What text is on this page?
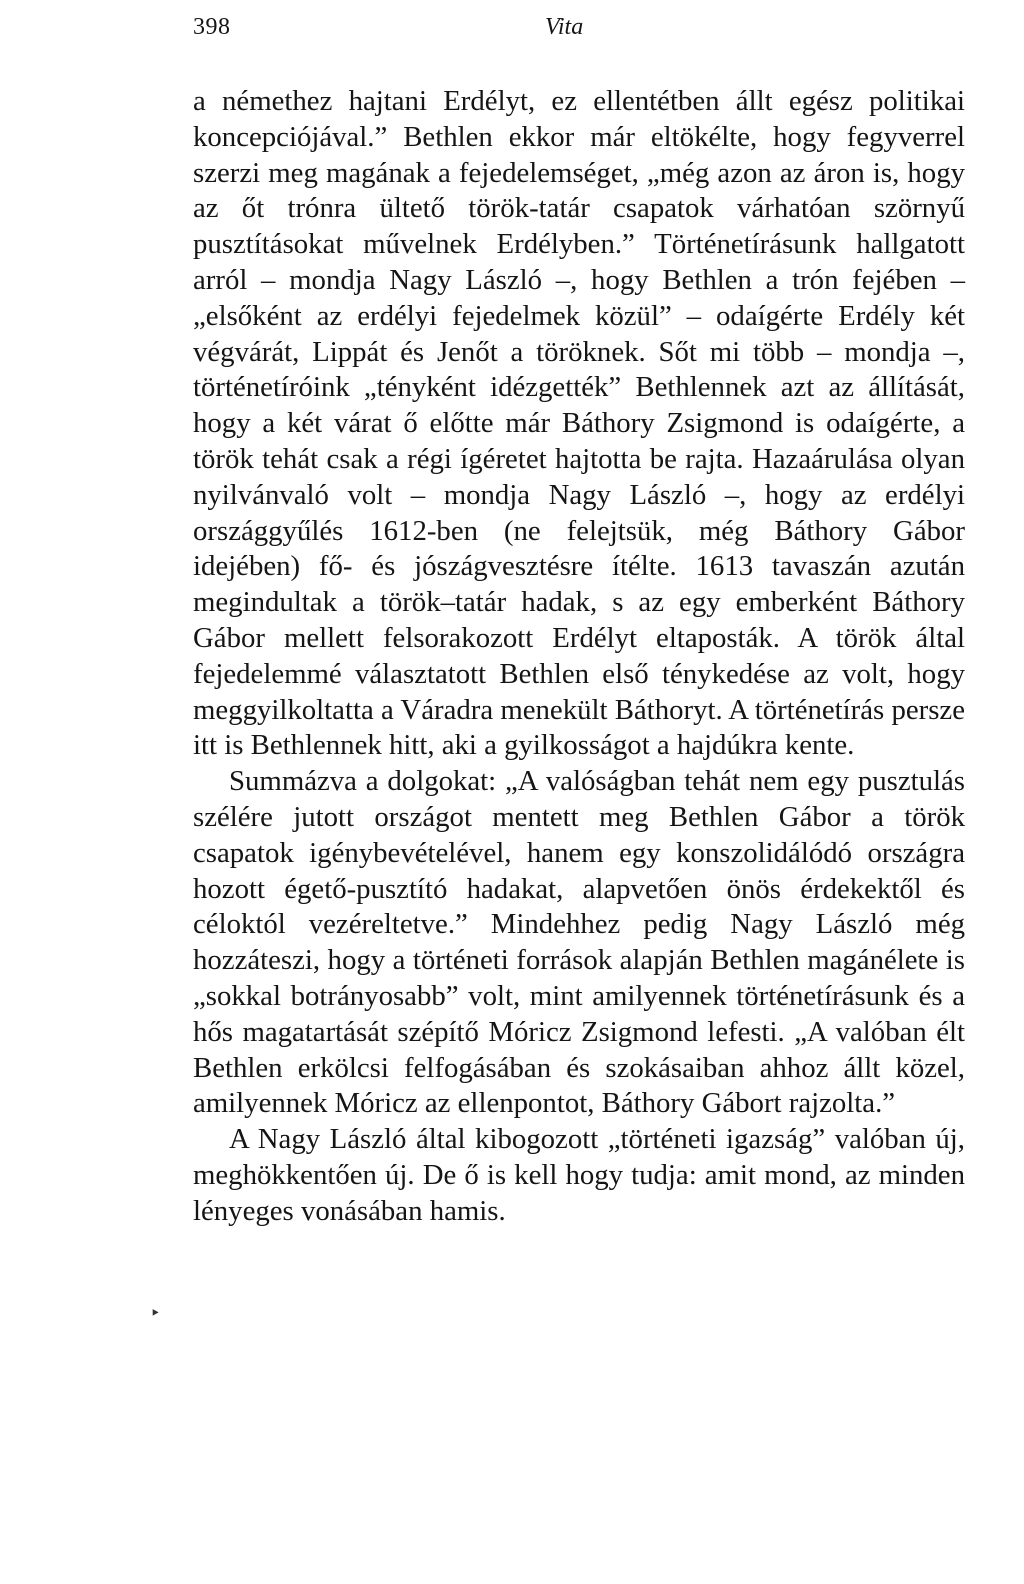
398	Vita

a némethez hajtani Erdélyt, ez ellentétben állt egész politikai koncepciójával.” Bethlen ekkor már eltökélte, hogy fegyverrel szerzi meg magának a fejedelemséget, „még azon az áron is, hogy az őt trónra ültető török-tatár csapatok várhatóan szörnyű pusztításokat művelnek Erdélyben.” Történetírásunk hallgatott arról – mondja Nagy László –, hogy Bethlen a trón fejében – „elsőként az erdélyi fejedelmek közül” – odaígérte Erdély két végvárát, Lippát és Jenőt a töröknek. Sőt mi több – mondja –, történetíróink „tényként idézgették” Bethlennek azt az állítását, hogy a két várat ő előtte már Báthory Zsigmond is odaígérte, a török tehát csak a régi ígéretet hajtotta be rajta. Hazaárulása olyan nyilvánvaló volt – mondja Nagy László –, hogy az erdélyi országgyűlés 1612-ben (ne felejtsük, még Báthory Gábor idejében) fő- és jószágvesztésre ítélte. 1613 tavaszán azután megindultak a török–tatár hadak, s az egy emberként Báthory Gábor mellett felsorakozott Erdélyt eltaposták. A török által fejedelemmé választatott Bethlen első ténykedése az volt, hogy meggyilkoltatta a Váradra menekült Báthoryt. A történetírás persze itt is Bethlennek hitt, aki a gyilkosságot a hajdúkra kente.

Summázva a dolgokat: „A valóságban tehát nem egy pusztulás szélére jutott országot mentett meg Bethlen Gábor a török csapatok igénybevételével, hanem egy konszolidálódó országra hozott égető-pusztító hadakat, alapvetően önös érdekektől és céloktól vezéreltetve.” Mindehhez pedig Nagy László még hozzáteszi, hogy a történeti források alapján Bethlen magánélete is „sokkal botrányosabb” volt, mint amilyennek történetírásunk és a hős magatartását szépítő Móricz Zsigmond lefesti. „A valóban élt Bethlen erkölcsi felfogásában és szokásaiban ahhoz állt közel, amilyennek Móricz az ellenpontot, Báthory Gábort rajzolta.”

A Nagy László által kibogozott „történeti igazság” valóban új, meghökkentően új. De ő is kell hogy tudja: amit mond, az minden lényeges vonásában hamis.

‣
